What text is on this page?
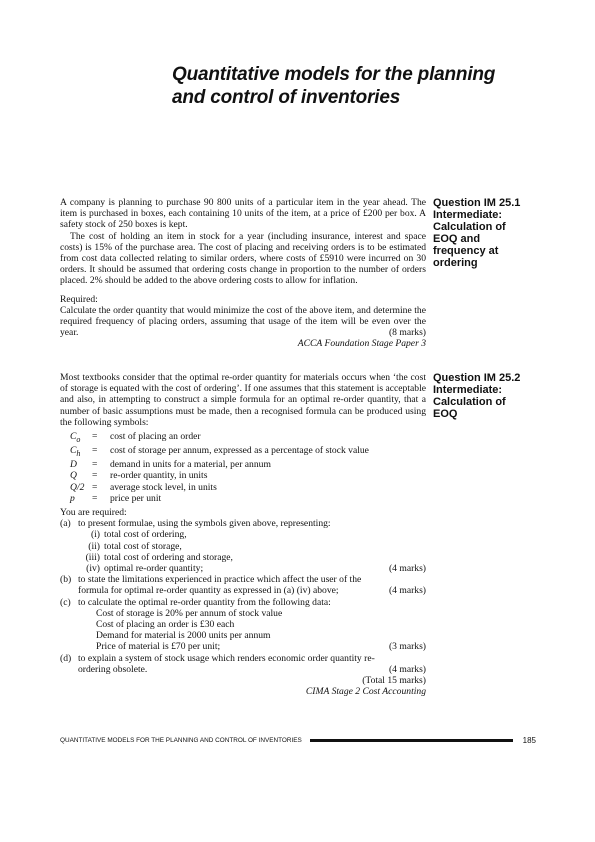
Quantitative models for the planning
and control of inventories
Question IM 25.1
Intermediate:
Calculation of
EOQ and
frequency at
ordering

A company is planning to purchase 90 800 units of a particular item in the year ahead. The item is purchased in boxes, each containing 10 units of the item, at a price of £200 per box. A safety stock of 250 boxes is kept.

The cost of holding an item in stock for a year (including insurance, interest and space costs) is 15% of the purchase area. The cost of placing and receiving orders is to be estimated from cost data collected relating to similar orders, where costs of £5910 were incurred on 30 orders. It should be assumed that ordering costs change in proportion to the number of orders placed. 2% should be added to the above ordering costs to allow for inflation.

Required:

Calculate the order quantity that would minimize the cost of the above item, and determine the required frequency of placing orders, assuming that usage of the item will be even over the year.	(8 marks)

ACCA Foundation Stage Paper 3

Question IM 25.2
Intermediate:
Calculation of
EOQ

Most textbooks consider that the optimal re-order quantity for materials occurs when ‘the cost of storage is equated with the cost of ordering’. If one assumes that this statement is acceptable and also, in attempting to construct a simple formula for an optimal re-order quantity, that a number of basic assumptions must be made, then a recognised formula can be produced using the following symbols:

$C_o$	=	cost of placing an order
$C_h$	=	cost of storage per annum, expressed as a percentage of stock value
D	=	demand in units for a material, per annum
Q	=	re-order quantity, in units
Q/2	=	average stock level, in units
p	=	price per unit

You are required:

(a) to present formulae, using the symbols given above, representing:
(i) total cost of ordering,
(ii) total cost of storage,
(iii) total cost of ordering and storage,
(iv) optimal re-order quantity;	(4 marks)
(b) to state the limitations experienced in practice which affect the user of the
formula for optimal re-order quantity as expressed in (a) (iv) above;	(4 marks)
(c) to calculate the optimal re-order quantity from the following data:
Cost of storage is 20% per annum of stock value
Cost of placing an order is £30 each
Demand for material is 2000 units per annum
Price of material is £70 per unit;	(3 marks)
(d) to explain a system of stock usage which renders economic order quantity re-
ordering obsolete.	(4 marks)

(Total 15 marks)

CIMA Stage 2 Cost Accounting

QUANTITATIVE MODELS FOR THE PLANNING AND CONTROL OF INVENTORIES	185
